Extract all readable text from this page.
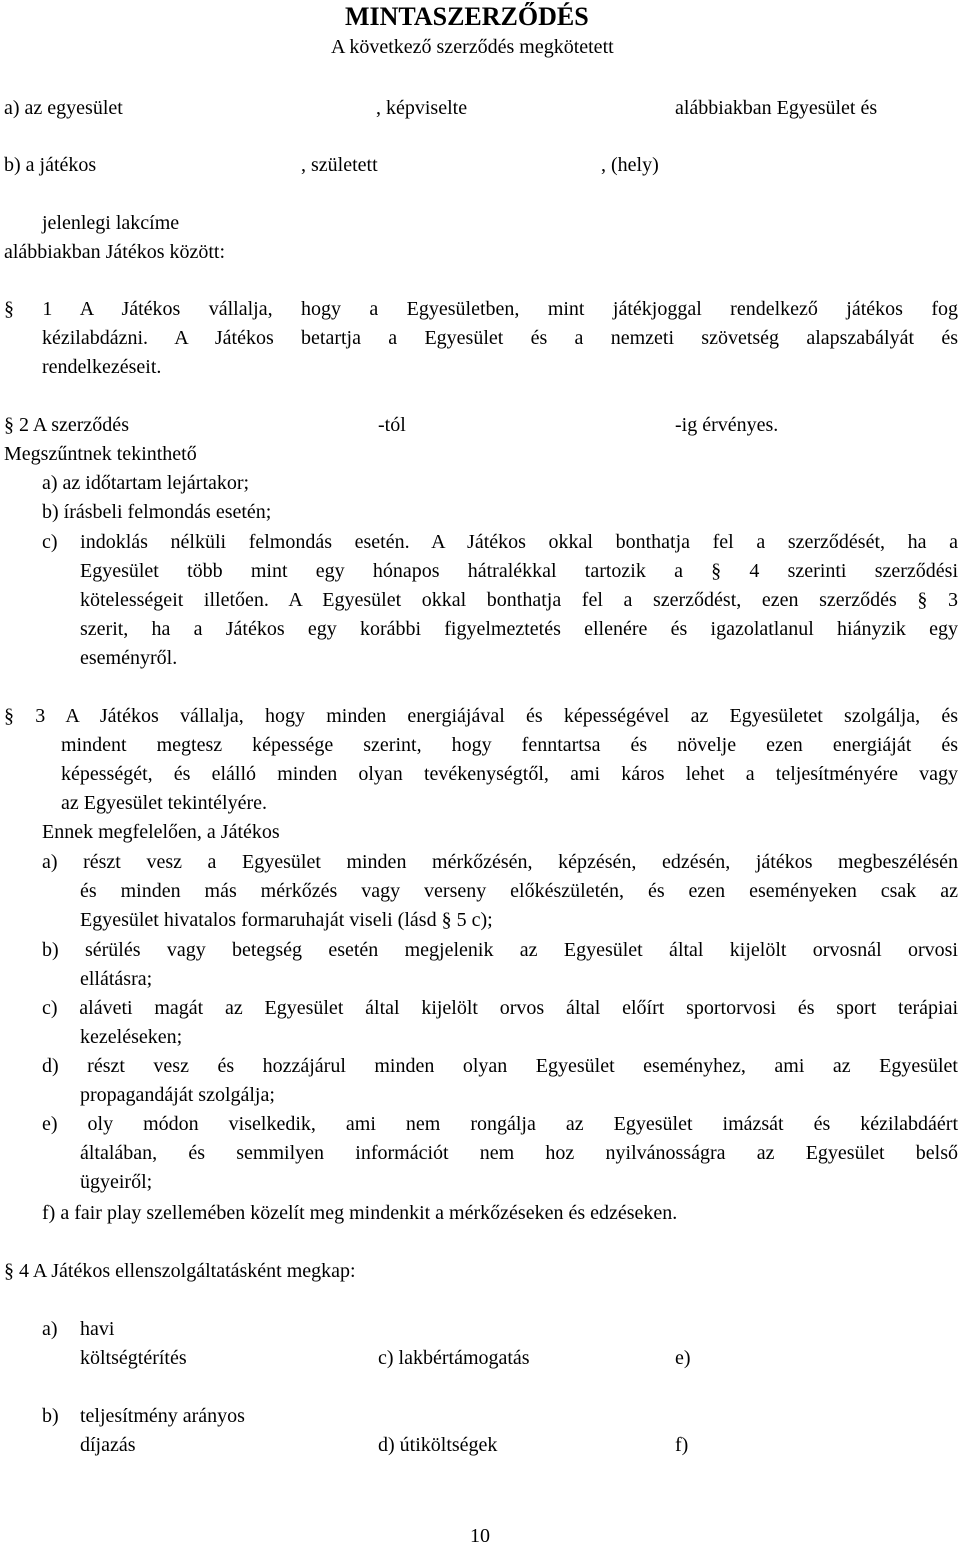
MINTASZERZŐDÉS
A következő szerződés megkötetett
a) az egyesület	, képviselte	alábbiakban Egyesület és
b) a játékos	, született	, (hely)
jelenlegi lakcíme
alábbiakban Játékos között:
§ 1 A Játékos vállalja, hogy a Egyesületben, mint játékjoggal rendelkező játékos fog
kézilabdázni. A Játékos betartja a Egyesület és a nemzeti szövetség alapszabályát és
rendelkezéseit.
§ 2 A szerződés	-tól	-ig érvényes.
Megszűntnek tekinthető
a) az időtartam lejártakor;
b) írásbeli felmondás esetén;
c) indoklás nélküli felmondás esetén. A Játékos okkal bonthatja fel a szerződését, ha a
Egyesület több mint egy hónapos hátralékkal tartozik a § 4 szerinti szerződési
kötelességeit illetően. A Egyesület okkal bonthatja fel a szerződést, ezen szerződés § 3
szerit, ha a Játékos egy korábbi figyelmeztetés ellenére és igazolatlanul hiányzik egy
eseményről.
§ 3 A Játékos vállalja, hogy minden energiájával és képességével az Egyesületet szolgálja, és
mindent megtesz képessége szerint, hogy fenntartsa és növelje ezen energiáját és
képességét, és elálló minden olyan tevékenységtől, ami káros lehet a teljesítményére vagy
az Egyesület tekintélyére.
Ennek megfelelően, a Játékos
a) részt vesz a Egyesület minden mérkőzésén, képzésén, edzésén, játékos megbeszélésén
és minden más mérkőzés vagy verseny előkészületén, és ezen eseményeken csak az
Egyesület hivatalos formaruhaját viseli (lásd § 5 c);
b) sérülés vagy betegség esetén megjelenik az Egyesület által kijelölt orvosnál orvosi
ellátásra;
c) aláveti magát az Egyesület által kijelölt orvos által előírt sportorvosi és sport terápiai
kezeléseken;
d) részt vesz és hozzájárul minden olyan Egyesület eseményhez, ami az Egyesület
propagandáját szolgálja;
e) oly módon viselkedik, ami nem rongálja az Egyesület imázsát és kézilabdáért
általában, és semmilyen információt nem hoz nyilvánosságra az Egyesület belső
ügyeiről;
f) a fair play szellemében közelít meg mindenkit a mérkőzéseken és edzéseken.
§ 4 A Játékos ellenszolgáltatásként megkap:
a) havi
költségtérítés	c) lakbértámogatás	e)
b) teljesítmény arányos
díjazás	d) útiköltségek	f)
10
